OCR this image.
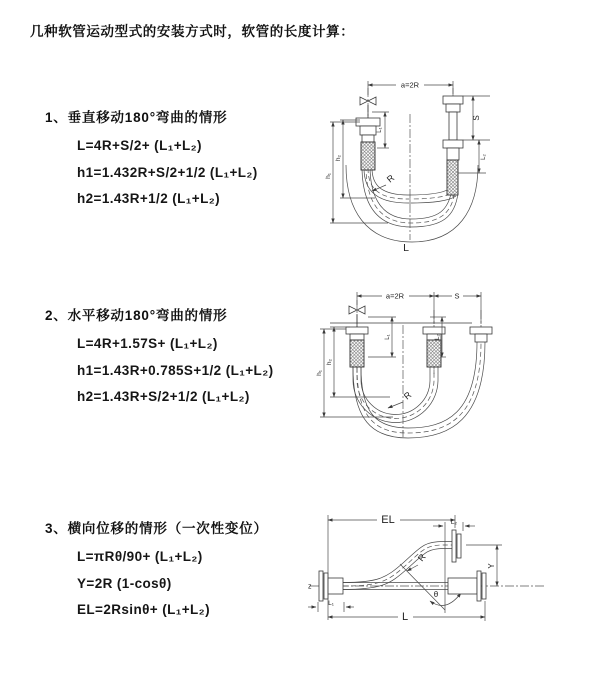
几种软管运动型式的安装方式时，软管的长度计算：
1、垂直移动180°弯曲的情形
L=4R+S/2+ (L₁+L₂)
h1=1.432R+S/2+1/2 (L₁+L₂)
h2=1.43R+1/2 (L₁+L₂)
2、水平移动180°弯曲的情形
L=4R+1.57S+ (L₁+L₂)
h1=1.43R+0.785S+1/2 (L₁+L₂)
h2=1.43R+S/2+1/2 (L₁+L₂)
3、横向位移的情形（一次性变位）
L=πRθ/90+ (L₁+L₂)
Y=2R (1-cosθ)
EL=2Rsinθ+ (L₁+L₂)
a=2R
L₁
S
L₂
h₂
h₁	R
L
a=2R	S
L₁	L₂
h₂
h₁
R
z
θ
R
EL	L₂
Y
L₁
L
